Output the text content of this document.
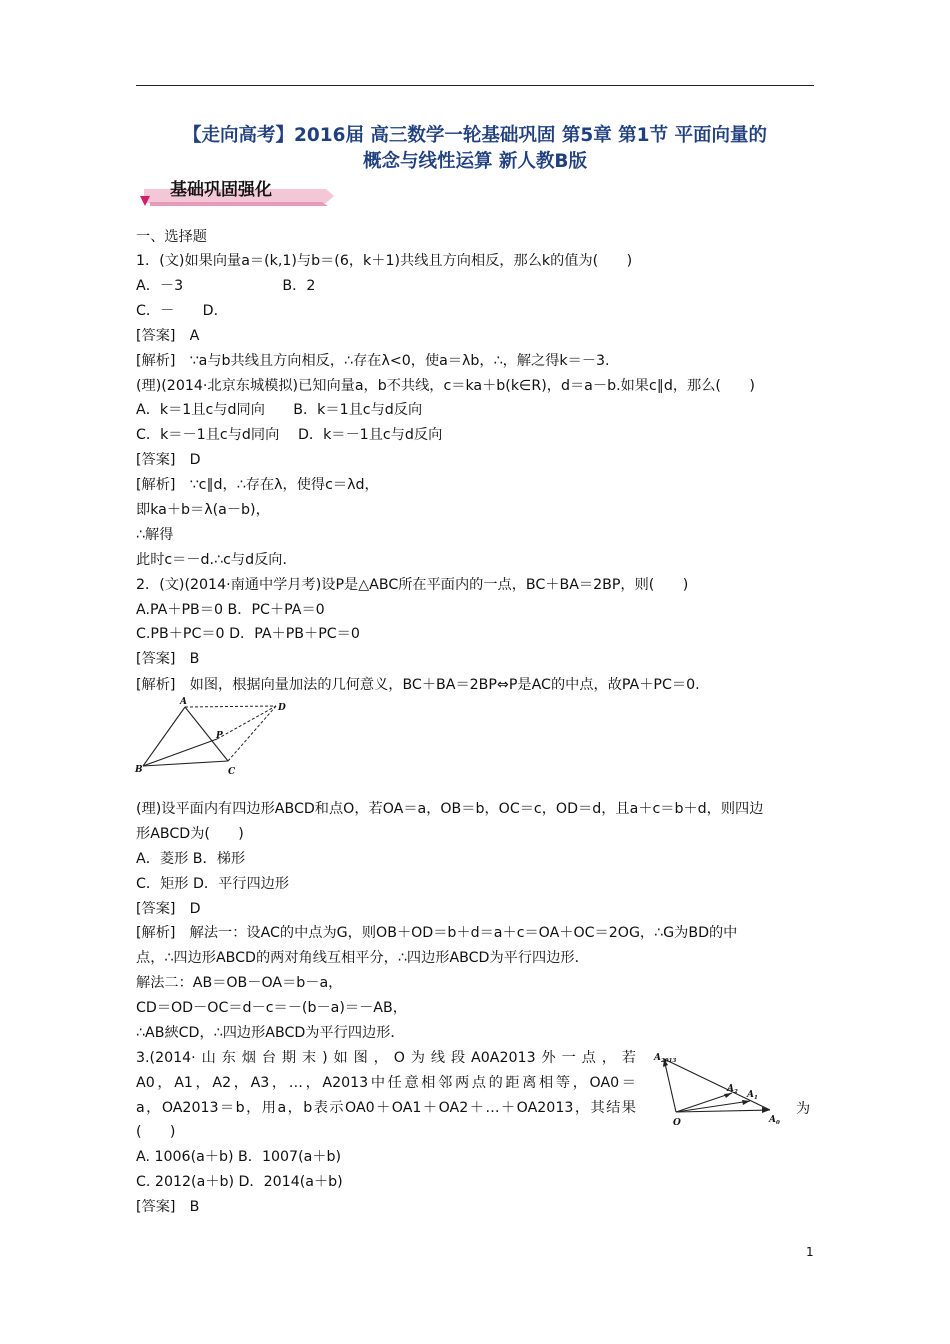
【走向高考】2016届 高三数学一轮基础巩固 第5章 第1节 平面向量的
概念与线性运算 新人教B版
基础巩固强化
一、选择题
1．(文)如果向量a＝(k,1)与b＝(6，k＋1)共线且方向相反，那么k的值为(　　)
A．－3　　　　　　　B．2
C．－　　D．
[答案]　A
[解析]　∵a与b共线且方向相反，∴存在λ<0，使a＝λb，∴，解之得k＝－3.
(理)(2014·北京东城模拟)已知向量a，b不共线，c＝ka＋b(k∈R)，d＝a－b.如果c∥d，那么(　　)
A．k＝1且c与d同向　　B．k＝1且c与d反向
C．k＝－1且c与d同向　 D．k＝－1且c与d反向
[答案]　D
[解析]　∵c∥d，∴存在λ，使得c＝λd，
即ka＋b＝λ(a－b)，
∴解得
此时c＝－d.∴c与d反向．
2．(文)(2014·南通中学月考)设P是△ABC所在平面内的一点，BC＋BA＝2BP，则(　　)
A.PA＋PB＝0 B．PC＋PA＝0
C.PB＋PC＝0 D．PA＋PB＋PC＝0
[答案]　B
[解析]　如图，根据向量加法的几何意义，BC＋BA＝2BP⇔P是AC的中点，故PA＋PC＝0.
A
B	C
D
P
(理)设平面内有四边形ABCD和点O，若OA＝a，OB＝b，OC＝c，OD＝d，且a＋c＝b＋d，则四边
形ABCD为(　　)
A．菱形 B．梯形
C．矩形 D．平行四边形
[答案]　D
[解析]　解法一：设AC的中点为G，则OB＋OD＝b＋d＝a＋c＝OA＋OC＝2OG，∴G为BD的中
点，∴四边形ABCD的两对角线互相平分，∴四边形ABCD为平行四边形．
解法二：AB＝OB－OA＝b－a，
CD＝OD－OC＝d－c＝－(b－a)＝－AB，
∴AB綊CD，∴四边形ABCD为平行四边形．
3.(2014·山东烟台期末)如图，O为线段A0A2013外一点，若
A0，A1，A2，A3，…，A2013中任意相邻两点的距离相等，OA0＝
a，OA2013＝b，用a，b表示OA0＋OA1＋OA2＋…＋OA2013，其结果
(　　)
A. 1006(a＋b) B．1007(a＋b)
C. 2012(a＋b) D．2014(a＋b)
[答案]　B
为
$A_{2013}$
$A_2$ $A_1$
$A_0$
O
1
